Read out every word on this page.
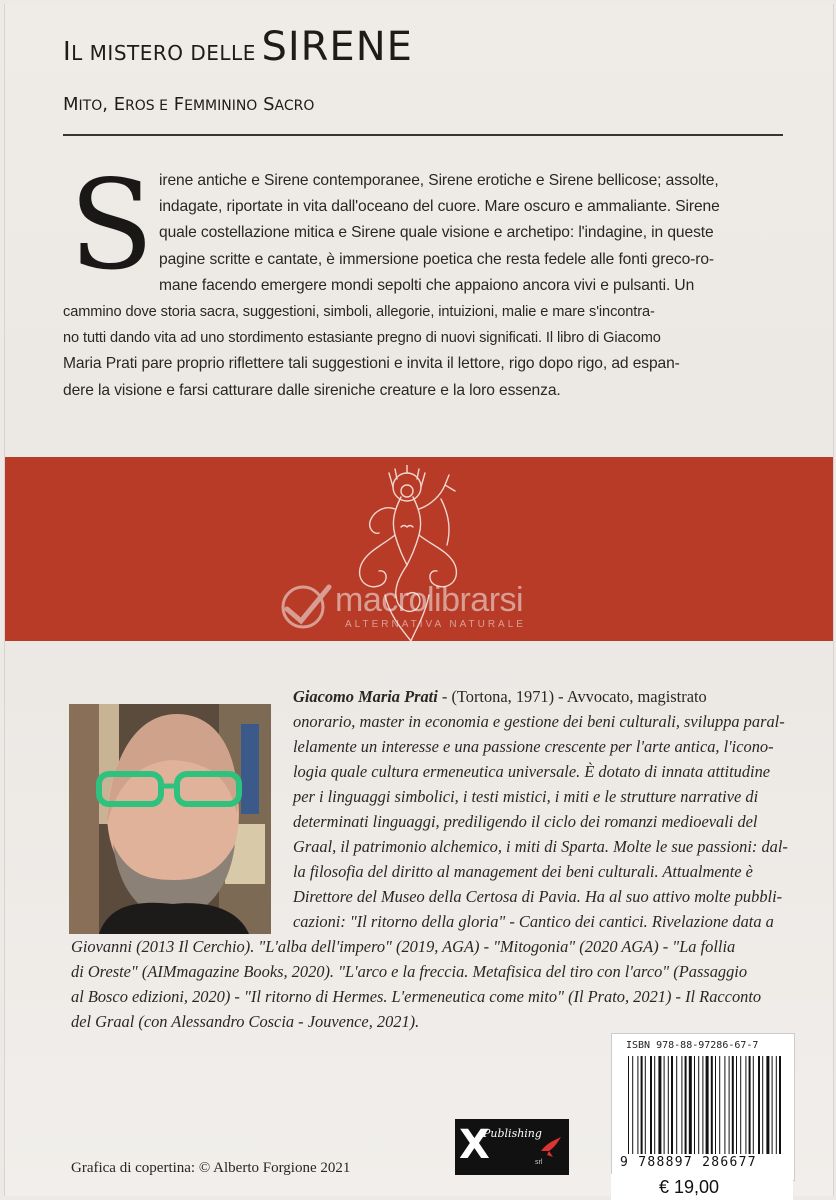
IL MISTERO DELLE SIRENE
MITO, EROS E FEMMININO SACRO
S irene antiche e Sirene contemporanee, Sirene erotiche e Sirene bellicose; assolte,
indagate, riportate in vita dall'oceano del cuore. Mare oscuro e ammaliante. Sirene
quale costellazione mitica e Sirene quale visione e archetipo: l'indagine, in queste
pagine scritte e cantate, è immersione poetica che resta fedele alle fonti greco-ro-
mane facendo emergere mondi sepolti che appaiono ancora vivi e pulsanti. Un
cammino dove storia sacra, suggestioni, simboli, allegorie, intuizioni, malie e mare s'incontra-
no tutti dando vita ad uno stordimento estasiante pregno di nuovi significati. Il libro di Giacomo
Maria Prati pare proprio riflettere tali suggestioni e invita il lettore, rigo dopo rigo, ad espan-
dere la visione e farsi catturare dalle sireniche creature e la loro essenza.
macrolibrarsi
ALTERNATIVA NATURALE
Giacomo Maria Prati - (Tortona, 1971) - Avvocato, magistrato
onorario, master in economia e gestione dei beni culturali, sviluppa paral-
lelamente un interesse e una passione crescente per l'arte antica, l'icono-
logia quale cultura ermeneutica universale. È dotato di innata attitudine
per i linguaggi simbolici, i testi mistici, i miti e le strutture narrative di
determinati linguaggi, prediligendo il ciclo dei romanzi medioevali del
Graal, il patrimonio alchemico, i miti di Sparta. Molte le sue passioni: dal-
la filosofia del diritto al management dei beni culturali. Attualmente è
Direttore del Museo della Certosa di Pavia. Ha al suo attivo molte pubbli-
cazioni: "Il ritorno della gloria" - Cantico dei cantici. Rivelazione data a
Giovanni (2013 Il Cerchio). "L'alba dell'impero" (2019, AGA) - "Mitogonia" (2020 AGA) - "La follia
di Oreste" (AIMmagazine Books, 2020). "L'arco e la freccia. Metafisica del tiro con l'arco" (Passaggio
al Bosco edizioni, 2020) - "Il ritorno di Hermes. L'ermeneutica come mito" (Il Prato, 2021) - Il Racconto
del Graal (con Alessandro Coscia - Jouvence, 2021).
Grafica di copertina: © Alberto Forgione 2021	X
Publishing
srl
ISBN 978-88-97286-67-7
9 788897 286677
€ 19,00
